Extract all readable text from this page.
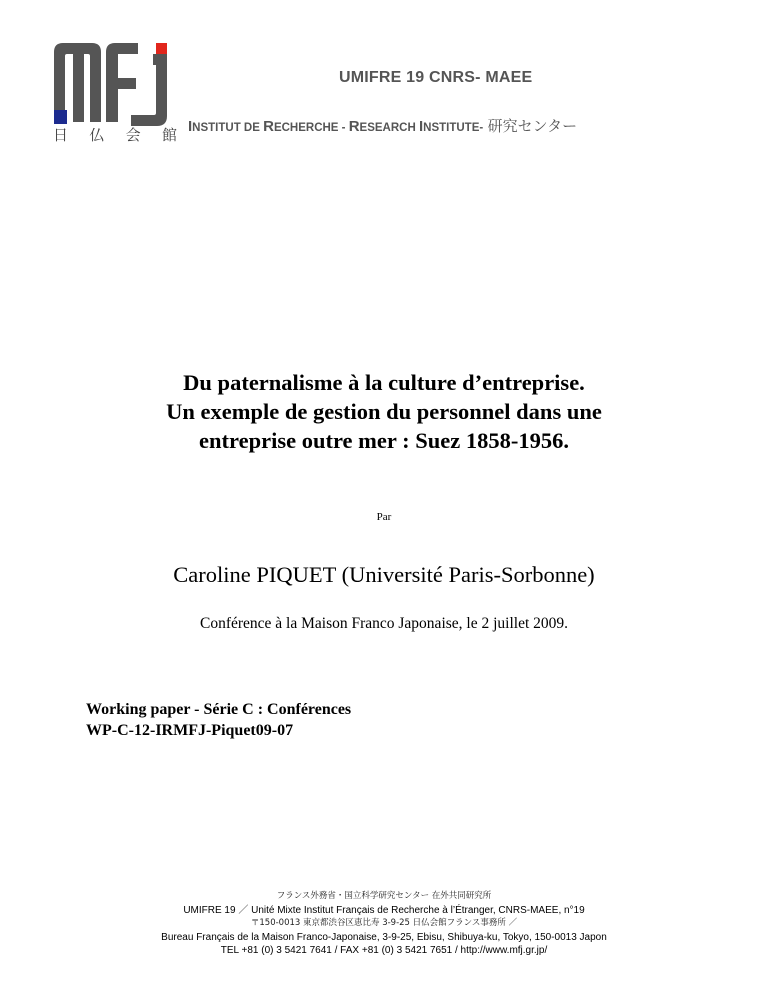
日 仏 会 館
UMIFRE 19 CNRS- MAEE
INSTITUT DE RECHERCHE - RESEARCH INSTITUTE- 研究センター
Du paternalisme à la culture d’entreprise.
Un exemple de gestion du personnel dans une
entreprise outre mer : Suez 1858-1956.
Par
Caroline PIQUET (Université Paris-Sorbonne)
Conférence à la Maison Franco Japonaise, le 2 juillet 2009.
Working paper - Série C : Conférences
WP-C-12-IRMFJ-Piquet09-07
フランス外務省・国立科学研究センター 在外共同研究所
UMIFRE 19 ／ Unité Mixte Institut Français de Recherche à l’Étranger, CNRS-MAEE, n°19
〒150-0013 東京都渋谷区恵比寿 3-9-25 日仏会館フランス事務所 ／
Bureau Français de la Maison Franco-Japonaise, 3-9-25, Ebisu, Shibuya-ku, Tokyo, 150-0013 Japon
TEL +81 (0) 3 5421 7641 / FAX +81 (0) 3 5421 7651 / http://www.mfj.gr.jp/
